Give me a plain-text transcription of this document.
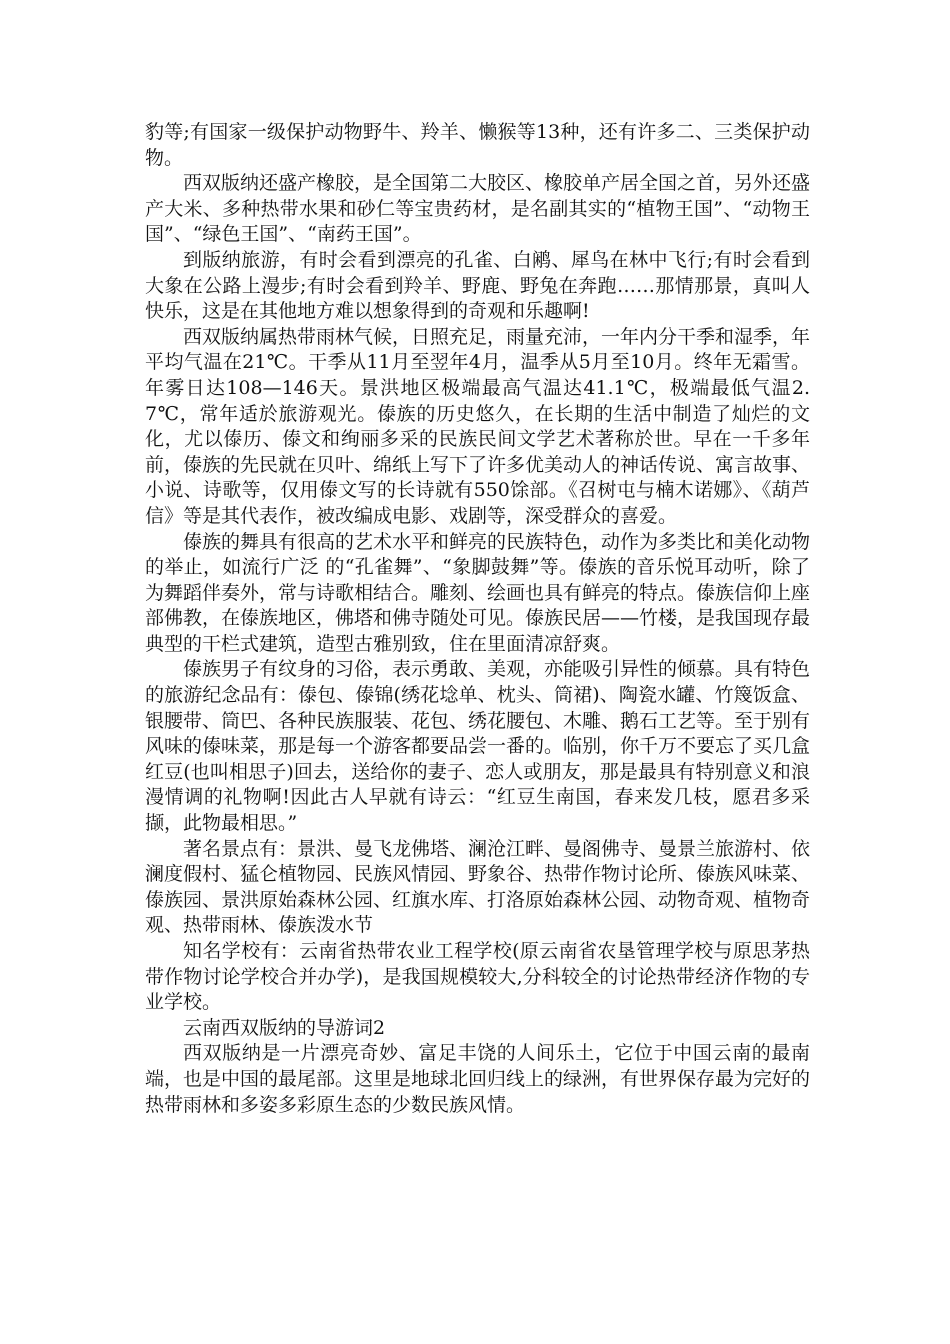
豹等;有国家一级保护动物野牛、羚羊、懒猴等13种，还有许多二、三类保护动物。

西双版纳还盛产橡胶，是全国第二大胶区、橡胶单产居全国之首，另外还盛产大米、多种热带水果和砂仁等宝贵药材，是名副其实的“植物王国”、“动物王国”、“绿色王国”、“南药王国”。

到版纳旅游，有时会看到漂亮的孔雀、白鹇、犀鸟在林中飞行;有时会看到大象在公路上漫步;有时会看到羚羊、野鹿、野兔在奔跑……那情那景，真叫人快乐，这是在其他地方难以想象得到的奇观和乐趣啊!

西双版纳属热带雨林气候，日照充足，雨量充沛，一年内分干季和湿季，年平均气温在21℃。干季从11月至翌年4月，温季从5月至10月。终年无霜雪。年雾日达108—146天。景洪地区极端最高气温达41.1℃，极端最低气温2.7℃，常年适於旅游观光。傣族的历史悠久，在长期的生活中制造了灿烂的文化，尤以傣历、傣文和绚丽多采的民族民间文学艺术著称於世。早在一千多年前，傣族的先民就在贝叶、绵纸上写下了许多优美动人的神话传说、寓言故事、小说、诗歌等，仅用傣文写的长诗就有550馀部。《召树屯与楠木诺娜》、《葫芦信》等是其代表作，被改编成电影、戏剧等，深受群众的喜爱。

傣族的舞具有很高的艺术水平和鲜亮的民族特色，动作为多类比和美化动物的举止，如流行广泛 的“孔雀舞”、“象脚鼓舞”等。傣族的音乐悦耳动听，除了为舞蹈伴奏外，常与诗歌相结合。雕刻、绘画也具有鲜亮的特点。傣族信仰上座部佛教，在傣族地区，佛塔和佛寺随处可见。傣族民居——竹楼，是我国现存最典型的干栏式建筑，造型古雅别致，住在里面清凉舒爽。

傣族男子有纹身的习俗，表示勇敢、美观，亦能吸引异性的倾慕。具有特色的旅游纪念品有：傣包、傣锦(绣花埝单、枕头、筒裙)、陶瓷水罐、竹篾饭盒、银腰带、筒巴、各种民族服装、花包、绣花腰包、木雕、鹅石工艺等。至于别有风味的傣味菜，那是每一个游客都要品尝一番的。临别，你千万不要忘了买几盒红豆(也叫相思子)回去，送给你的妻子、恋人或朋友，那是最具有特别意义和浪漫情调的礼物啊!因此古人早就有诗云：“红豆生南国，春来发几枝，愿君多采撷，此物最相思。”

著名景点有：景洪、曼飞龙佛塔、澜沧江畔、曼阁佛寺、曼景兰旅游村、依澜度假村、猛仑植物园、民族风情园、野象谷、热带作物讨论所、傣族风味菜、傣族园、景洪原始森林公园、红旗水库、打洛原始森林公园、动物奇观、植物奇观、热带雨林、傣族泼水节

知名学校有：云南省热带农业工程学校(原云南省农垦管理学校与原思茅热带作物讨论学校合并办学)，是我国规模较大,分科较全的讨论热带经济作物的专业学校。

云南西双版纳的导游词2

西双版纳是一片漂亮奇妙、富足丰饶的人间乐土，它位于中国云南的最南端，也是中国的最尾部。这里是地球北回归线上的绿洲，有世界保存最为完好的热带雨林和多姿多彩原生态的少数民族风情。
